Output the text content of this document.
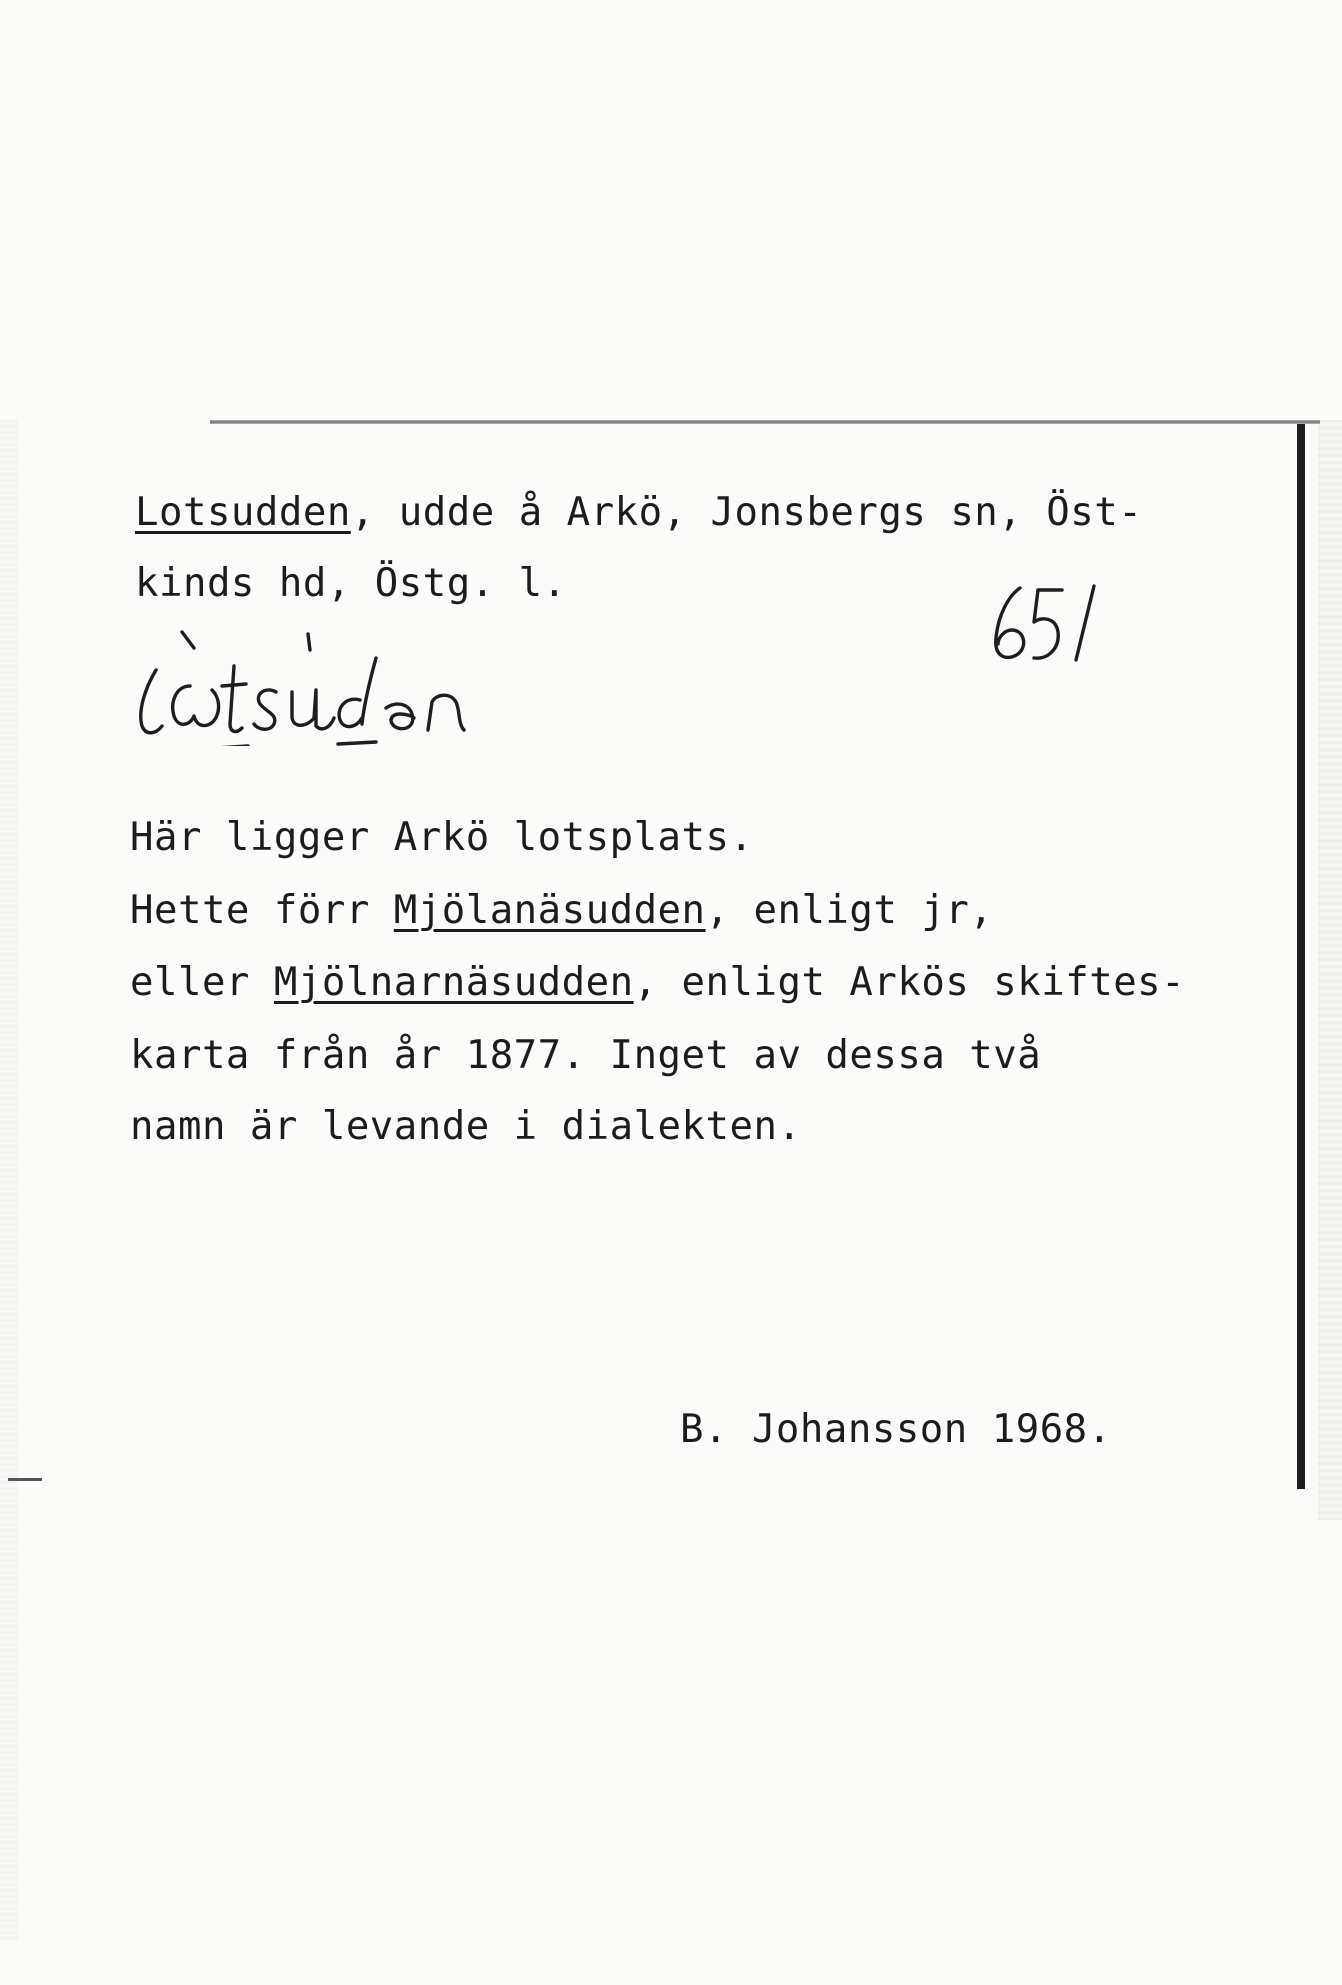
Lotsudden, udde å Arkö, Jonsbergs sn, Öst-
kinds hd, Östg. l.
Här ligger Arkö lotsplats.
Hette förr Mjölanäsudden, enligt jr,
eller Mjölnarnäsudden, enligt Arkös skiftes-
karta från år 1877. Inget av dessa två
namn är levande i dialekten.
B. Johansson 1968.
